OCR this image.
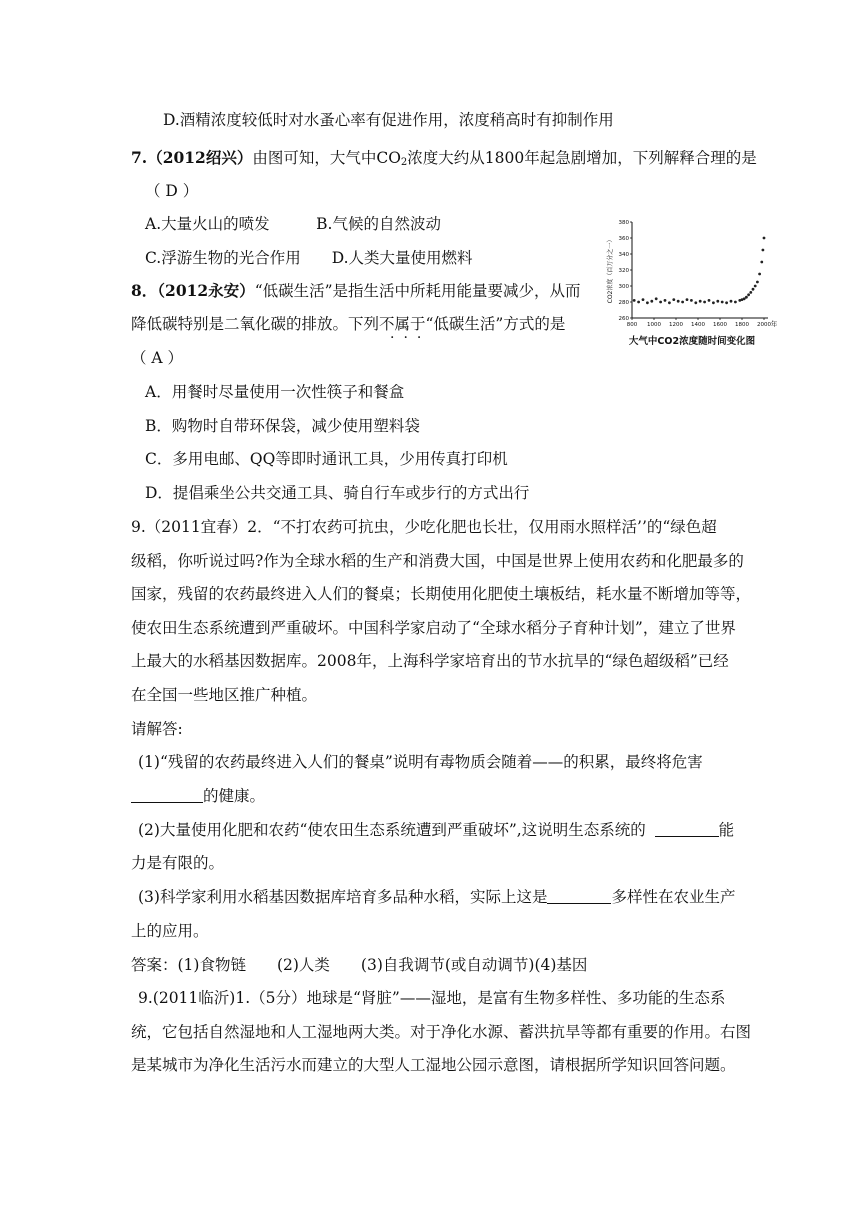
D.酒精浓度较低时对水蚤心率有促进作用，浓度稍高时有抑制作用
7.（2012绍兴）由图可知，大气中$CO_2$浓度大约从1800年起急剧增加，下列解释合理的是
（ D ）
A.大量火山的喷发　　　B.气候的自然波动
C.浮游生物的光合作用　　D.人类大量使用燃料
8．（2012永安）“低碳生活”是指生活中所耗用能量要减少，从而
降低碳特别是二氧化碳的排放。下列不属于“低碳生活”方式的是
···
（ A ）
A．用餐时尽量使用一次性筷子和餐盒
B．购物时自带环保袋，减少使用塑料袋
C．多用电邮、QQ等即时通讯工具，少用传真打印机
D．提倡乘坐公共交通工具、骑自行车或步行的方式出行
9.（2011宜春）2．“不打农药可抗虫，少吃化肥也长壮，仅用雨水照样活’’的“绿色超
级稻，你听说过吗?作为全球水稻的生产和消费大国，中国是世界上使用农药和化肥最多的
国家，残留的农药最终进入人们的餐桌；长期使用化肥使土壤板结，耗水量不断增加等等，
使农田生态系统遭到严重破坏。中国科学家启动了“全球水稻分子育种计划”，建立了世界
上最大的水稻基因数据库。2008年，上海科学家培育出的节水抗旱的“绿色超级稻”已经
在全国一些地区推广种植。
请解答:
(1)“残留的农药最终进入人们的餐桌”说明有毒物质会随着——的积累，最终将危害
的健康。
(2)大量使用化肥和农药“使农田生态系统遭到严重破坏”,这说明生态系统的	能
力是有限的。
(3)科学家利用水稻基因数据库培育多品种水稻，实际上这是	多样性在农业生产
上的应用。
答案：(1)食物链　　(2)人类　　(3)自我调节(或自动调节)(4)基因
9.(2011临沂)1.（5分）地球是“肾脏”——湿地，是富有生物多样性、多功能的生态系
统，它包括自然湿地和人工湿地两大类。对于净化水源、蓄洪抗旱等都有重要的作用。右图
是某城市为净化生活污水而建立的大型人工湿地公园示意图，请根据所学知识回答问题。
260
280
300
320
340
360
380
800 1000 1200 1400 1600 1800 2000 年
CO2浓度（百万分之一）
大气中CO2浓度随时间变化图
